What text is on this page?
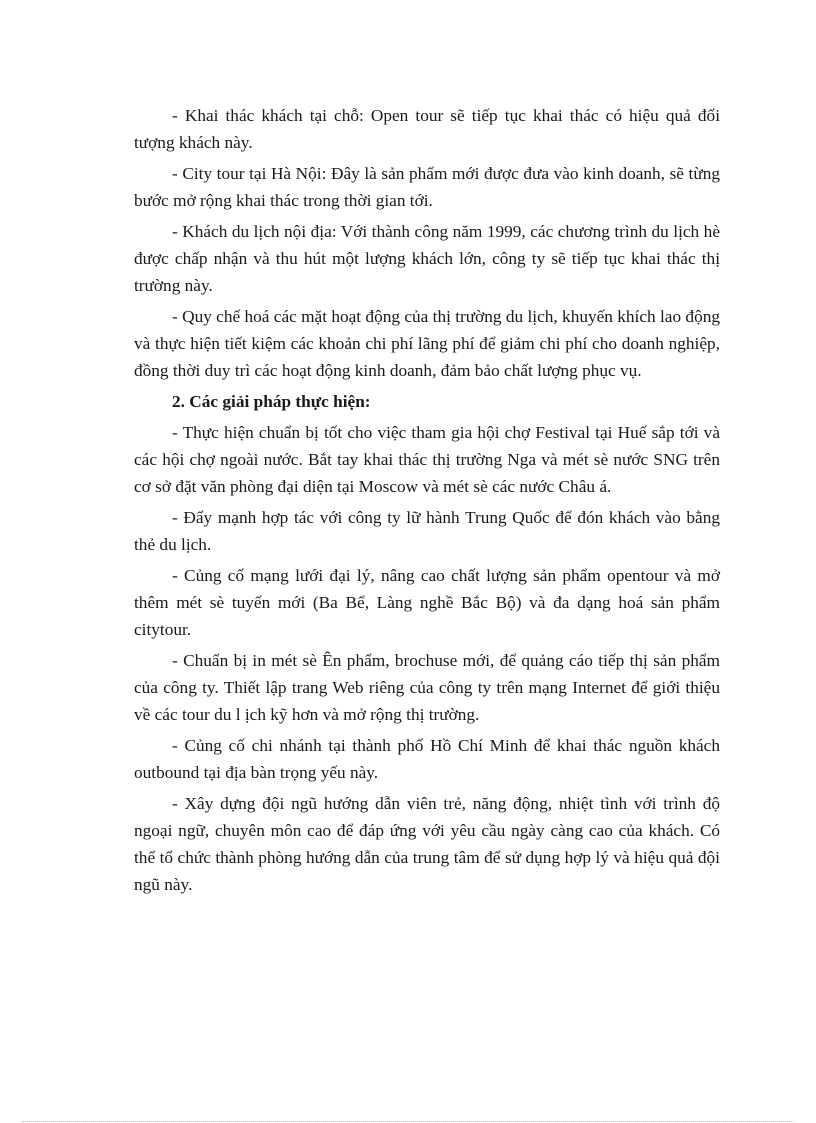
- Khai thác khách tại chỗ: Open tour sẽ tiếp tục khai thác có hiệu quả đối tượng khách này.

- City tour tại Hà Nội: Đây là sản phẩm mới được đưa vào kinh doanh, sẽ từng bước mở rộng khai thác trong thời gian tới.

- Khách du lịch nội địa: Với thành công năm 1999, các chương trình du lịch hè được chấp nhận và thu hút một lượng khách lớn, công ty sẽ tiếp tục khai thác thị trường này.

- Quy chế hoá các mặt hoạt động của thị trường du lịch, khuyến khích lao động và thực hiện tiết kiệm các khoản chi phí lãng phí để giảm chi phí cho doanh nghiệp, đồng thời duy trì các hoạt động kinh doanh, đảm bảo chất lượng phục vụ.

2. Các giải pháp thực hiện:

- Thực hiện chuẩn bị tốt cho việc tham gia hội chợ Festival tại Huế sắp tới và các hội chợ ngoài nước. Bắt tay khai thác thị trường Nga và mét sè nước SNG trên cơ sở đặt văn phòng đại diện tại Moscow và mét sè các nước Châu á.

- Đẩy mạnh hợp tác với công ty lữ hành Trung Quốc để đón khách vào bằng thẻ du lịch.

- Củng cố mạng lưới đại lý, nâng cao chất lượng sản phẩm opentour và mở thêm mét sè tuyến mới (Ba Bể, Làng nghề Bắc Bộ) và đa dạng hoá sản phẩm citytour.

- Chuẩn bị in mét sè Ên phẩm, brochuse mới, để quảng cáo tiếp thị sản phẩm của công ty. Thiết lập trang Web riêng của công ty trên mạng Internet để giới thiệu về các tour du l ịch kỹ hơn và mở rộng thị trường.

- Củng cố chi nhánh tại thành phố Hồ Chí Minh để khai thác nguồn khách outbound tại địa bàn trọng yếu này.

- Xây dựng đội ngũ hướng dẫn viên trẻ, năng động, nhiệt tình với trình độ ngoại ngữ, chuyên môn cao để đáp ứng với yêu cầu ngày càng cao của khách. Có thể tổ chức thành phòng hướng dẫn của trung tâm để sử dụng hợp lý và hiệu quả đội ngũ này.
